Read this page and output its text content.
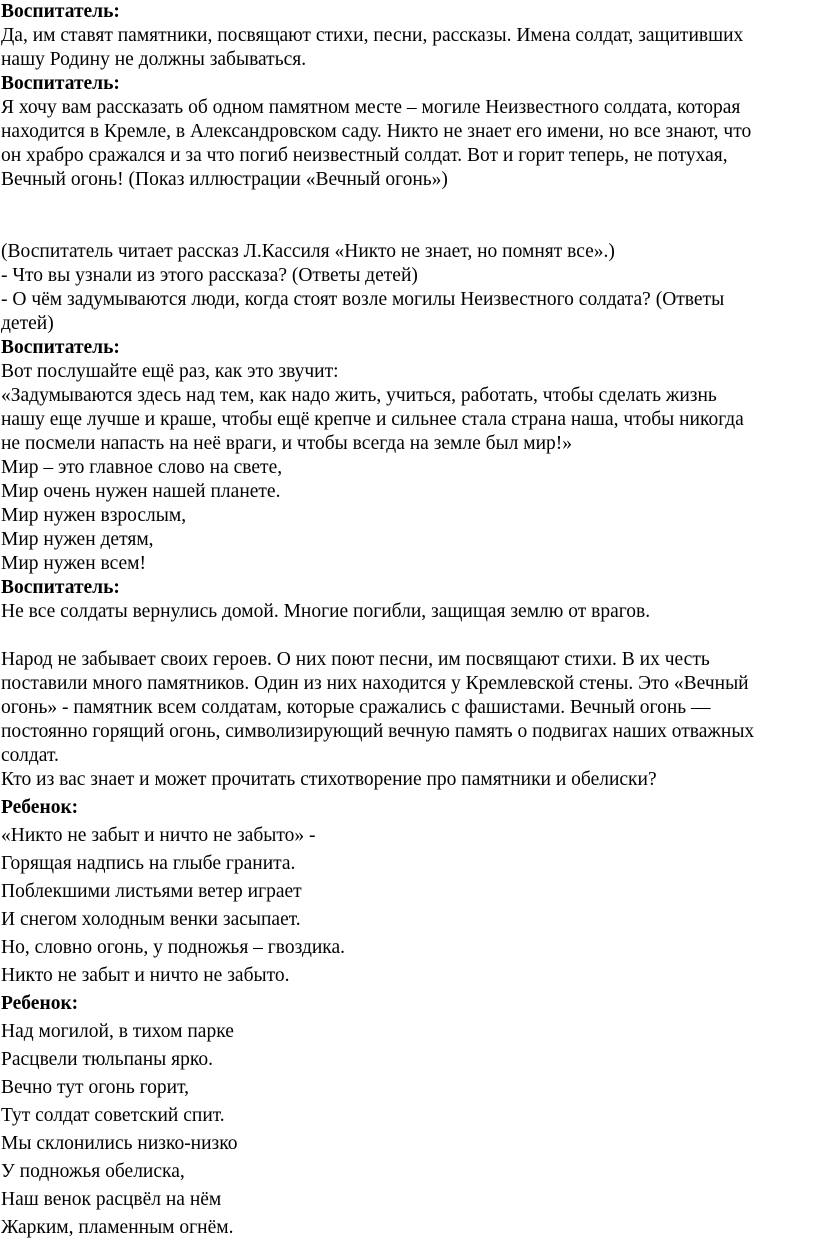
Воспитатель:

Да, им ставят памятники, посвящают стихи, песни, рассказы. Имена солдат, защитивших

нашу Родину не должны забываться.

Воспитатель:

Я хочу вам рассказать об одном памятном месте – могиле Неизвестного солдата, которая

находится в Кремле, в Александровском саду. Никто не знает его имени, но все знают, что

он храбро сражался и за что погиб неизвестный солдат. Вот и горит теперь, не потухая,

Вечный огонь! (Показ иллюстрации «Вечный огонь»)

(Воспитатель читает рассказ Л.Кассиля «Никто не знает, но помнят все».)

- Что вы узнали из этого рассказа? (Ответы детей)

- О чём задумываются люди, когда стоят возле могилы Неизвестного солдата? (Ответы

детей)

Воспитатель:

Вот послушайте ещё раз, как это звучит:

«Задумываются здесь над тем, как надо жить, учиться, работать, чтобы сделать жизнь

нашу еще лучше и краше, чтобы ещё крепче и сильнее стала страна наша, чтобы никогда

не посмели напасть на неё враги, и чтобы всегда на земле был мир!»

Мир – это главное слово на свете,

Мир очень нужен нашей планете.

Мир нужен взрослым,

Мир нужен детям,

Мир нужен всем!

Воспитатель:

Не все солдаты вернулись домой. Многие погибли, защищая землю от врагов.

Народ не забывает своих героев. О них поют песни, им посвящают стихи. В их честь

поставили много памятников. Один из них находится у Кремлевской стены. Это «Вечный

огонь» - памятник всем солдатам, которые сражались с фашистами. Вечный огонь —

постоянно горящий огонь, символизирующий вечную память о подвигах наших отважных

солдат.

Кто из вас знает и может прочитать стихотворение про памятники и обелиски?

Ребенок:

«Никто не забыт и ничто не забыто» -

Горящая надпись на глыбе гранита.

Поблекшими листьями ветер играет

И снегом холодным венки засыпает.

Но, словно огонь, у подножья – гвоздика.

Никто не забыт и ничто не забыто.

Ребенок:

Над могилой, в тихом парке

Расцвели тюльпаны ярко.

Вечно тут огонь горит,

Тут солдат советский спит.

Мы склонились низко-низко

У подножья обелиска,

Наш венок расцвёл на нём

Жарким, пламенным огнём.
